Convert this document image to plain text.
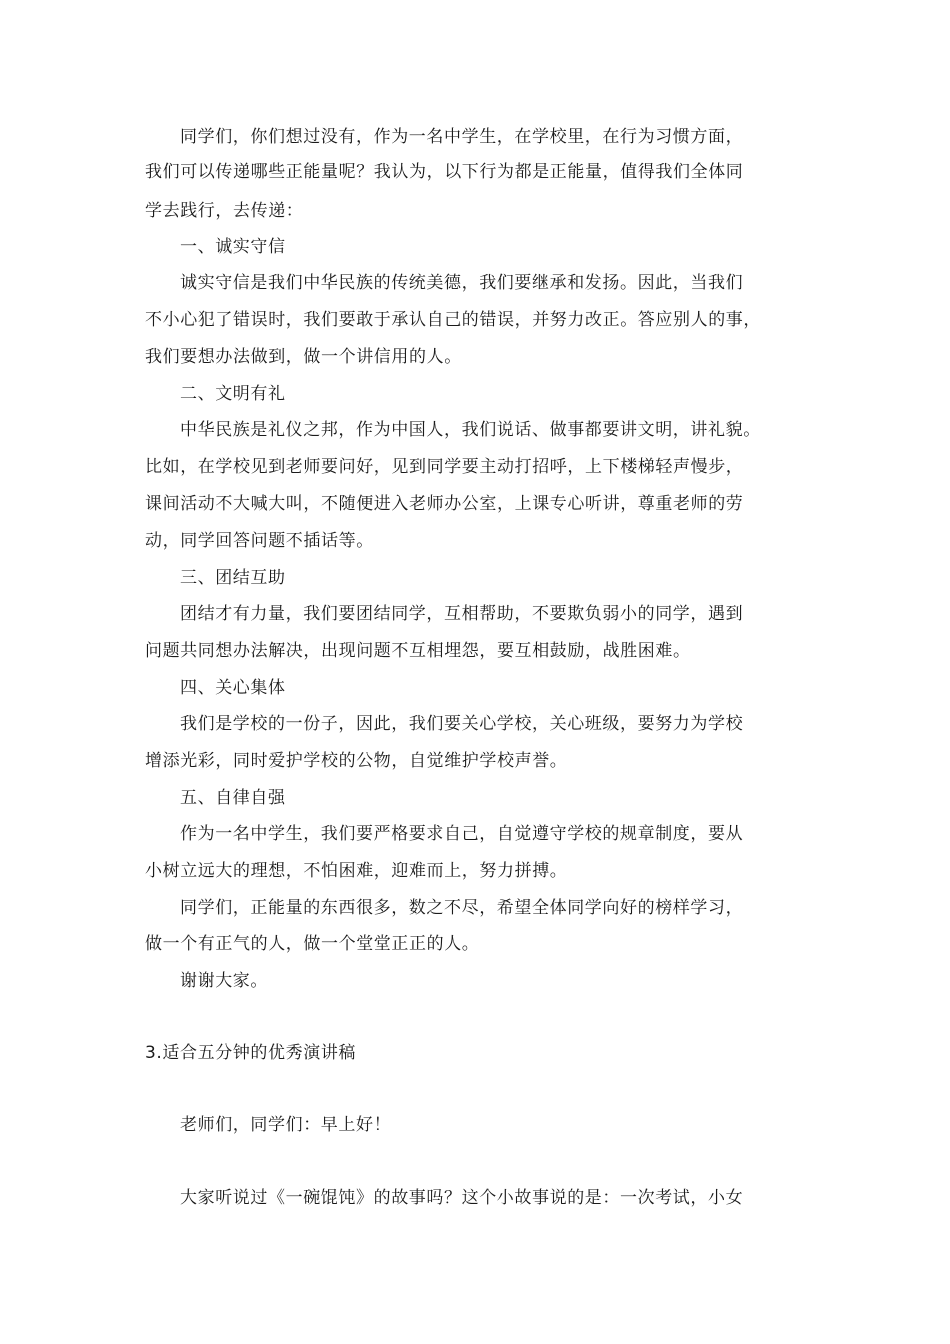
同学们，你们想过没有，作为一名中学生，在学校里，在行为习惯方面，
我们可以传递哪些正能量呢？我认为，以下行为都是正能量，值得我们全体同
学去践行，去传递：
一、诚实守信
诚实守信是我们中华民族的传统美德，我们要继承和发扬。因此，当我们
不小心犯了错误时，我们要敢于承认自己的错误，并努力改正。答应别人的事，
我们要想办法做到，做一个讲信用的人。
二、文明有礼
中华民族是礼仪之邦，作为中国人，我们说话、做事都要讲文明，讲礼貌。
比如，在学校见到老师要问好，见到同学要主动打招呼，上下楼梯轻声慢步，
课间活动不大喊大叫，不随便进入老师办公室，上课专心听讲，尊重老师的劳
动，同学回答问题不插话等。
三、团结互助
团结才有力量，我们要团结同学，互相帮助，不要欺负弱小的同学，遇到
问题共同想办法解决，出现问题不互相埋怨，要互相鼓励，战胜困难。
四、关心集体
我们是学校的一份子，因此，我们要关心学校，关心班级，要努力为学校
增添光彩，同时爱护学校的公物，自觉维护学校声誉。
五、自律自强
作为一名中学生，我们要严格要求自己，自觉遵守学校的规章制度，要从
小树立远大的理想，不怕困难，迎难而上，努力拼搏。
同学们，正能量的东西很多，数之不尽，希望全体同学向好的榜样学习，
做一个有正气的人，做一个堂堂正正的人。
谢谢大家。
3.适合五分钟的优秀演讲稿
老师们，同学们：早上好！
大家听说过《一碗馄饨》的故事吗？这个小故事说的是：一次考试，小女
